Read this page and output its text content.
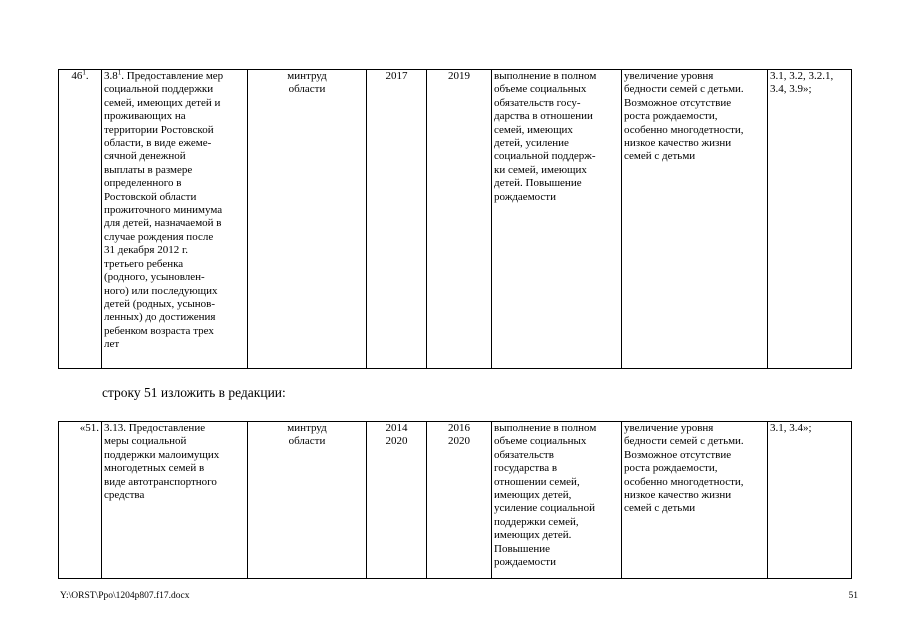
$46^1$.	$3.8^1$. Предоставление мер
социальной поддержки
семей, имеющих детей и
проживающих на
территории Ростовской
области, в виде ежеме-
сячной денежной
выплаты в размере
определенного в
Ростовской области
прожиточного минимума
для детей, назначаемой в
случае рождения после
31 декабря 2012 г.
третьего ребенка
(родного, усыновлен-
ного) или последующих
детей (родных, усынов-
ленных) до достижения
ребенком возраста трех
лет	минтруд
области	2017	2019	выполнение в полном
объеме социальных
обязательств госу-
дарства в отношении
семей, имеющих
детей, усиление
социальной поддерж-
ки семей, имеющих
детей. Повышение
рождаемости	увеличение уровня
бедности семей с детьми.
Возможное отсутствие
роста рождаемости,
особенно многодетности,
низкое качество жизни
семей с детьми	3.1, 3.2, 3.2.1,
3.4, 3.9»;
строку 51 изложить в редакции:
«51.	3.13. Предоставление
меры социальной
поддержки малоимущих
многодетных семей в
виде автотранспортного
средства	минтруд
области	2014
2020	2016
2020	выполнение в полном
объеме социальных
обязательств
государства в
отношении семей,
имеющих детей,
усиление социальной
поддержки семей,
имеющих детей.
Повышение
рождаемости	увеличение уровня
бедности семей с детьми.
Возможное отсутствие
роста рождаемости,
особенно многодетности,
низкое качество жизни
семей с детьми	3.1, 3.4»;
Y:\ORST\Ppo\1204p807.f17.docx	51
